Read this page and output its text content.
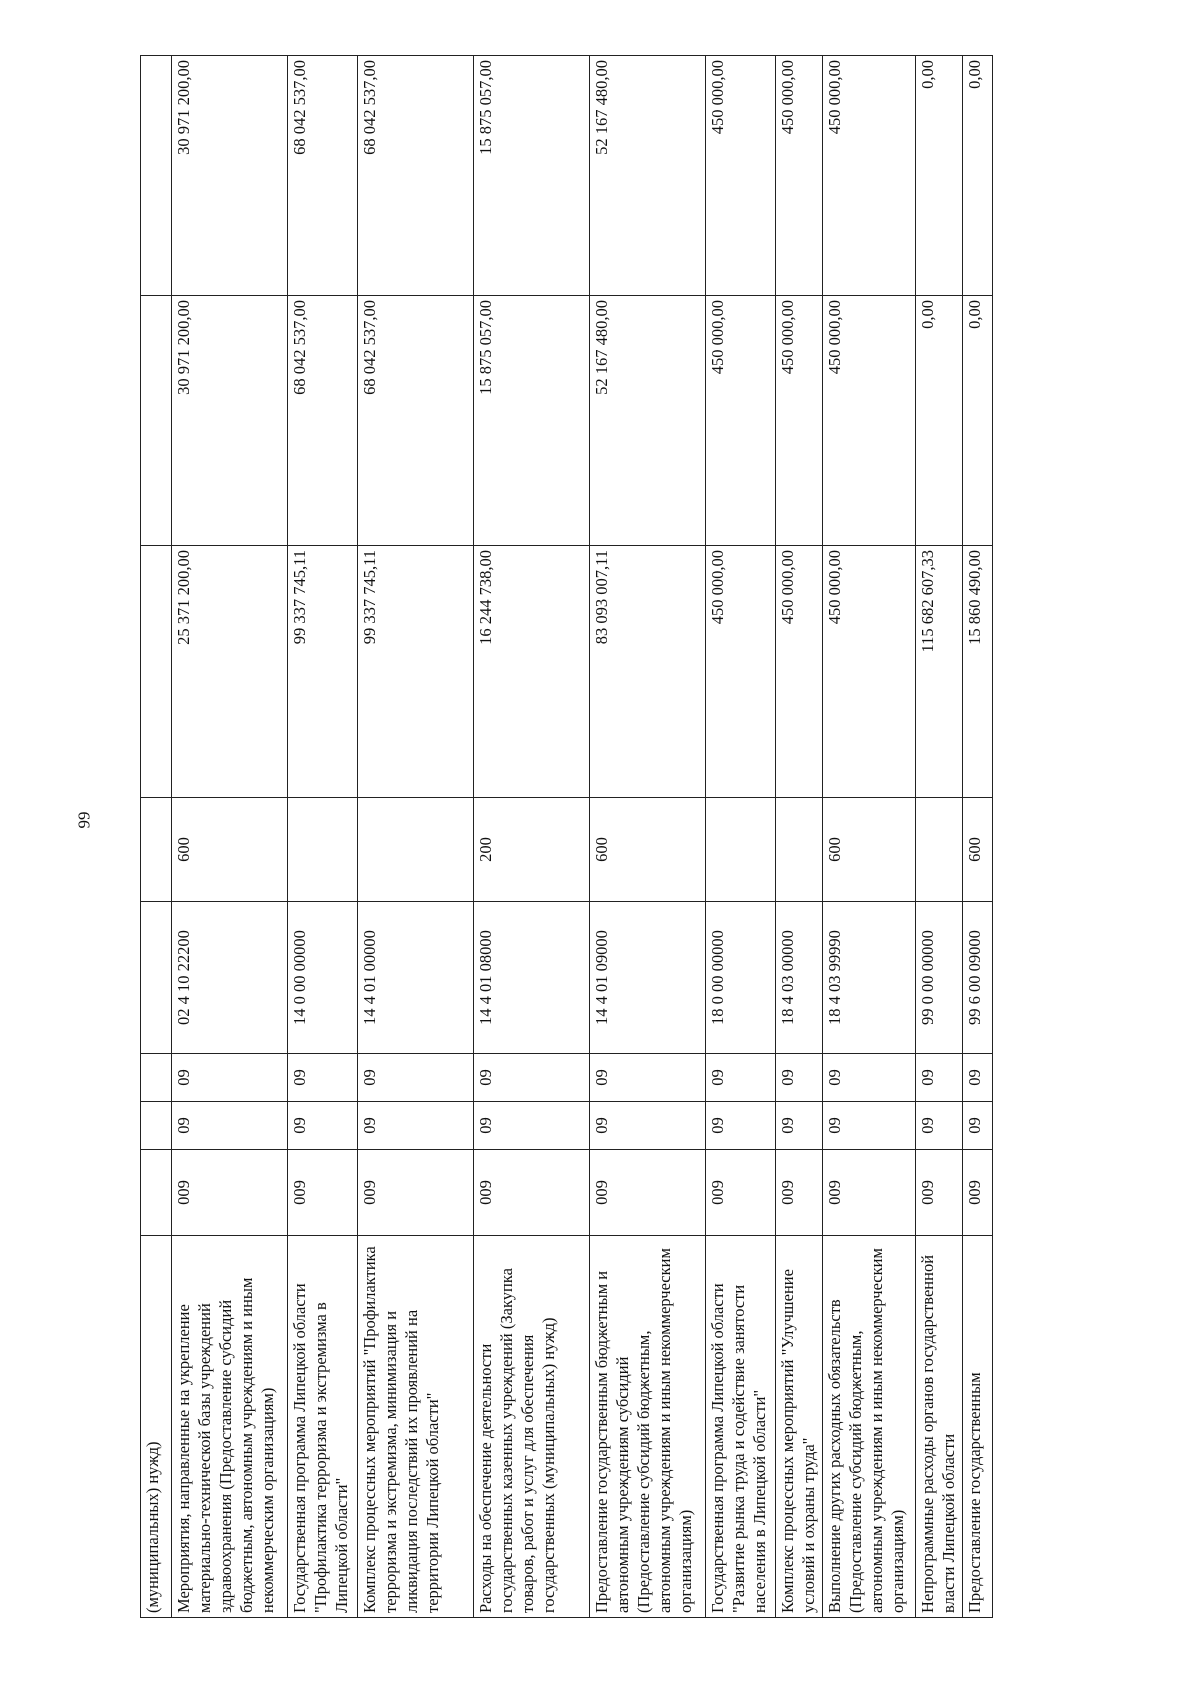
99
(муниципальных) нужд)								
Мероприятия, направленные на укрепление материально-технической базы учреждений здравоохранения (Предоставление субсидий бюджетным, автономным учреждениям и иным некоммерческим организациям)	009	09	09	02 4 10 22200	600	25 371 200,00	30 971 200,00	30 971 200,00
Государственная программа Липецкой области "Профилактика терроризма и экстремизма в Липецкой области"	009	09	09	14 0 00 00000		99 337 745,11	68 042 537,00	68 042 537,00
Комплекс процессных мероприятий "Профилактика терроризма и экстремизма, минимизация и ликвидация последствий их проявлений на территории Липецкой области"	009	09	09	14 4 01 00000		99 337 745,11	68 042 537,00	68 042 537,00
Расходы на обеспечение деятельности государственных казенных учреждений (Закупка товаров, работ и услуг для обеспечения государственных (муниципальных) нужд)	009	09	09	14 4 01 08000	200	16 244 738,00	15 875 057,00	15 875 057,00
Предоставление государственным бюджетным и автономным учреждениям субсидий (Предоставление субсидий бюджетным, автономным учреждениям и иным некоммерческим организациям)	009	09	09	14 4 01 09000	600	83 093 007,11	52 167 480,00	52 167 480,00
Государственная программа Липецкой области "Развитие рынка труда и содействие занятости населения в Липецкой области"	009	09	09	18 0 00 00000		450 000,00	450 000,00	450 000,00
Комплекс процессных мероприятий "Улучшение условий и охраны труда"	009	09	09	18 4 03 00000		450 000,00	450 000,00	450 000,00
Выполнение других расходных обязательств (Предоставление субсидий бюджетным, автономным учреждениям и иным некоммерческим организациям)	009	09	09	18 4 03 99990	600	450 000,00	450 000,00	450 000,00
Непрограммные расходы органов государственной власти Липецкой области	009	09	09	99 0 00 00000		115 682 607,33	0,00	0,00
Предоставление государственным	009	09	09	99 6 00 09000	600	15 860 490,00	0,00	0,00
